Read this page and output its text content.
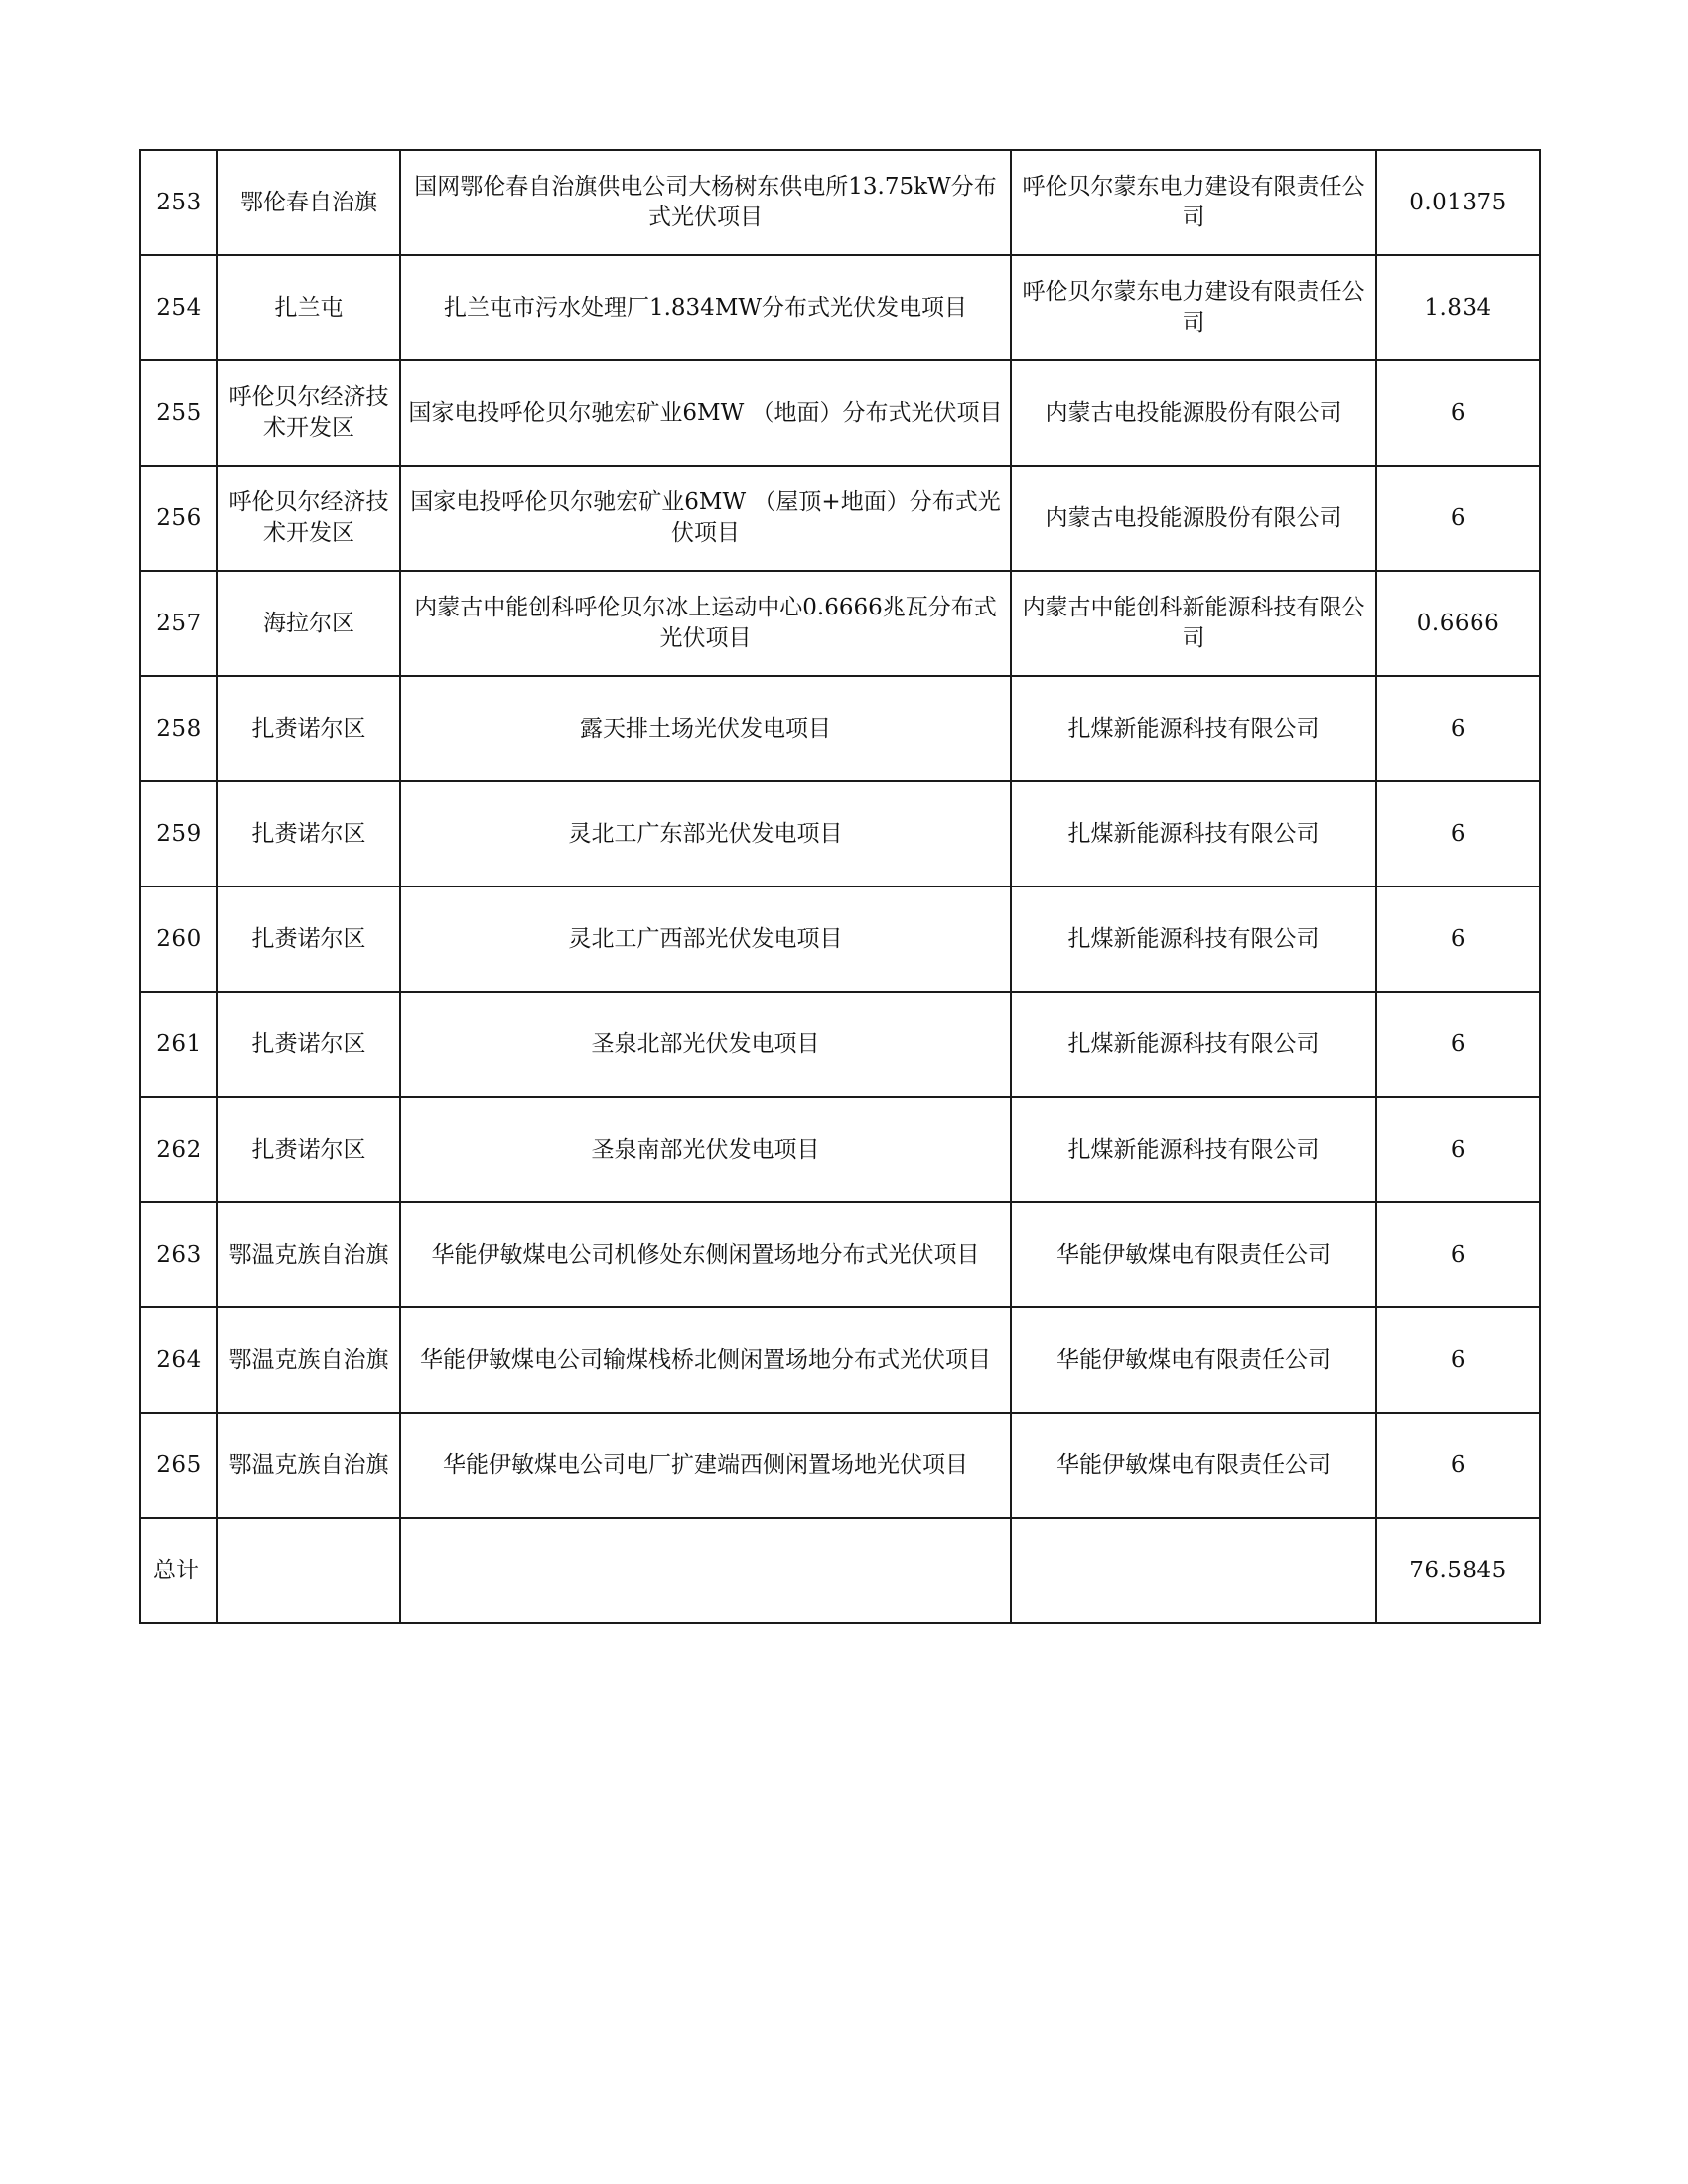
253	鄂伦春自治旗	国网鄂伦春自治旗供电公司大杨树东供电所13.75kW分布式光伏项目	呼伦贝尔蒙东电力建设有限责任公司	0.01375
254	扎兰屯	扎兰屯市污水处理厂1.834MW分布式光伏发电项目	呼伦贝尔蒙东电力建设有限责任公司	1.834
255	呼伦贝尔经济技术开发区	国家电投呼伦贝尔驰宏矿业6MW （地面）分布式光伏项目	内蒙古电投能源股份有限公司	6
256	呼伦贝尔经济技术开发区	国家电投呼伦贝尔驰宏矿业6MW （屋顶+地面）分布式光伏项目	内蒙古电投能源股份有限公司	6
257	海拉尔区	内蒙古中能创科呼伦贝尔冰上运动中心0.6666兆瓦分布式光伏项目	内蒙古中能创科新能源科技有限公司	0.6666
258	扎赉诺尔区	露天排土场光伏发电项目	扎煤新能源科技有限公司	6
259	扎赉诺尔区	灵北工广东部光伏发电项目	扎煤新能源科技有限公司	6
260	扎赉诺尔区	灵北工广西部光伏发电项目	扎煤新能源科技有限公司	6
261	扎赉诺尔区	圣泉北部光伏发电项目	扎煤新能源科技有限公司	6
262	扎赉诺尔区	圣泉南部光伏发电项目	扎煤新能源科技有限公司	6
263	鄂温克族自治旗	华能伊敏煤电公司机修处东侧闲置场地分布式光伏项目	华能伊敏煤电有限责任公司	6
264	鄂温克族自治旗	华能伊敏煤电公司输煤栈桥北侧闲置场地分布式光伏项目	华能伊敏煤电有限责任公司	6
265	鄂温克族自治旗	华能伊敏煤电公司电厂扩建端西侧闲置场地光伏项目	华能伊敏煤电有限责任公司	6
总计				76.5845
